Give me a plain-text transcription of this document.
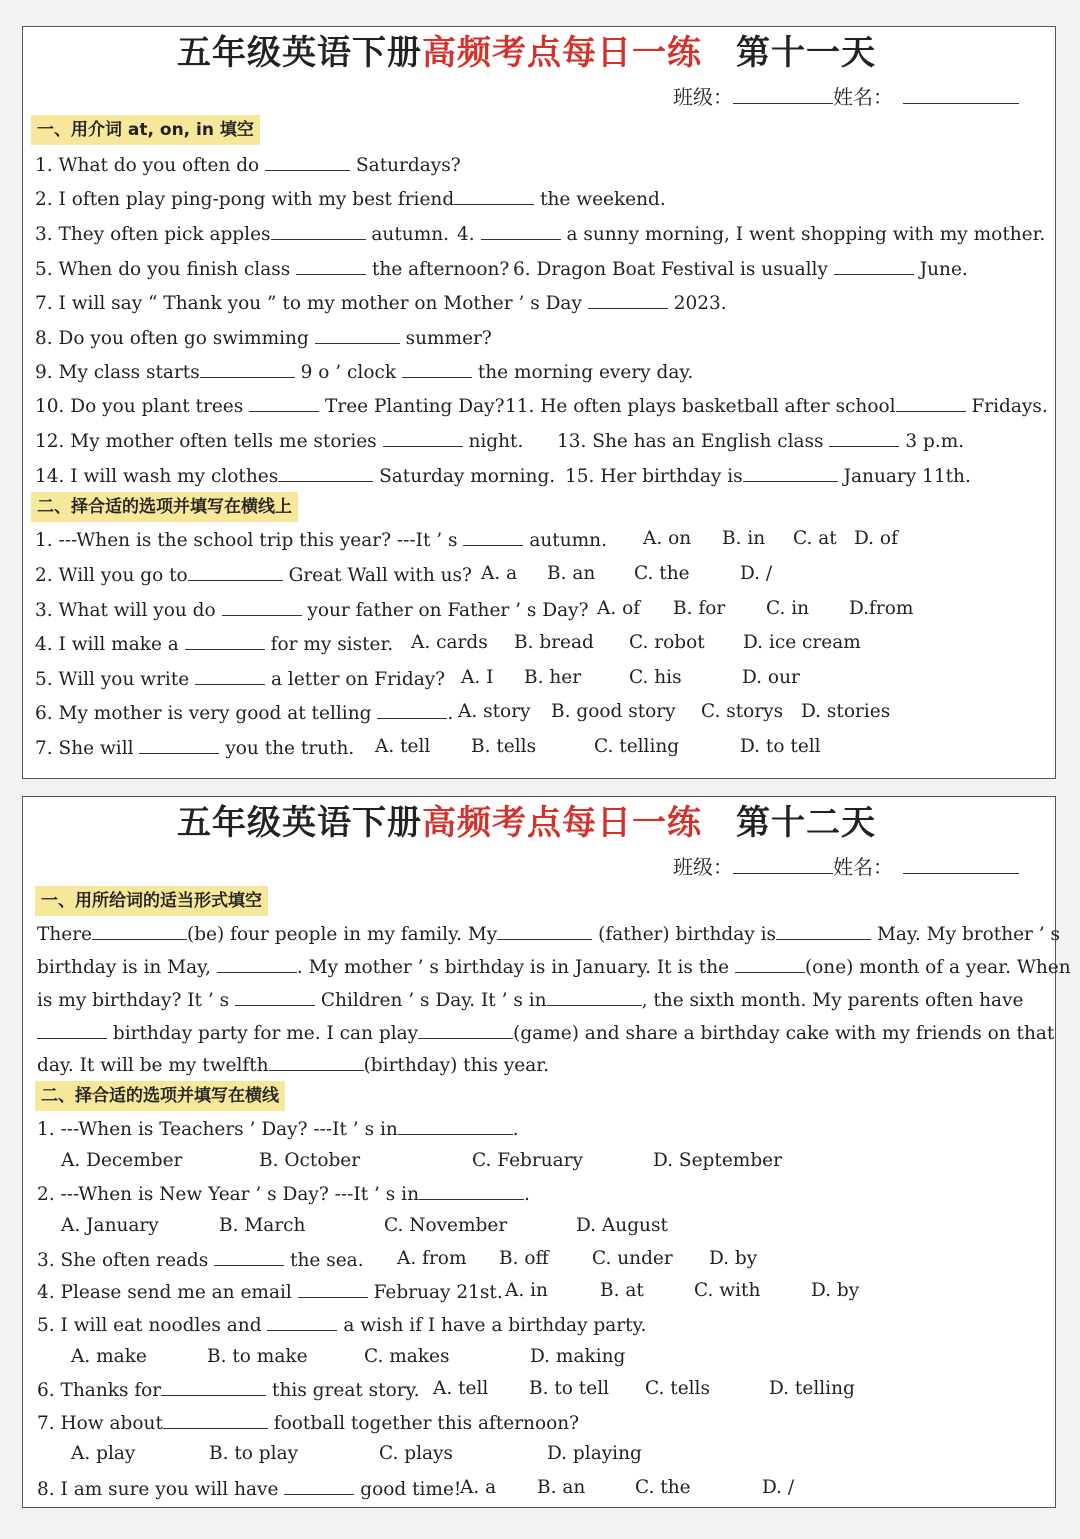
五年级英语下册高频考点每日一练 第十一天
班级：	姓名：
一、用介词 at, on, in 填空
1. What do you often do	Saturdays?
2. I often play ping-pong with my best friend	the weekend.
3. They often pick apples	autumn. 4.	a sunny morning, I went shopping with my mother.
5. When do you finish class	the afternoon? 6. Dragon Boat Festival is usually	June.
7. I will say “ Thank you ” to my mother on Mother ’ s Day	2023.
8. Do you often go swimming	summer?
9. My class starts	9 o ’ clock	the morning every day.
10. Do you plant trees	Tree Planting Day? 11. He often plays basketball after school	Fridays.
12. My mother often tells me stories	night. 13. She has an English class	3 p.m.
14. I will wash my clothes	Saturday morning. 15. Her birthday is	January 11th.
二、择合适的选项并填写在横线上
1. ---When is the school trip this year? ---It ’ s	autumn. A. on B. in C. at D. of
2. Will you go to	Great Wall with us? A. a B. an C. the	D. /
3. What will you do	your father on Father ’ s Day? A. of B. for C. in D.from
4. I will make a	for my sister. A. cards B. bread C. robot D. ice cream
5. Will you write	a letter on Friday? A. I B. her	C. his	D. our
6. My mother is very good at telling	. A. story B. good story C. storys D. stories
7. She will	you the truth. A. tell B. tells	C. telling	D. to tell
五年级英语下册高频考点每日一练 第十二天
班级：	姓名：
一、用所给词的适当形式填空
There	(be) four people in my family. My	(father) birthday is	May. My brother ’ s
birthday is in May,	. My mother ’ s birthday is in January. It is the	(one) month of a year. When
is my birthday? It ’ s	Children ’ s Day. It ’ s in	, the sixth month. My parents often have
birthday party for me. I can play	(game) and share a birthday cake with my friends on that
day. It will be my twelfth	(birthday) this year.
二、择合适的选项并填写在横线
1. ---When is Teachers ’ Day? ---It ’ s in	.
A. December	B. October	C. February	D. September
2. ---When is New Year ’ s Day? ---It ’ s in	.
A. January	B. March	C. November	D. August
3. She often reads	the sea. A. from B. off C. under D. by
4. Please send me an email	Februay 21st. A. in	B. at	C. with	D. by
5. I will eat noodles and	a wish if I have a birthday party.
A. make	B. to make	C. makes	D. making
6. Thanks for	this great story. A. tell B. to tell C. tells	D. telling
7. How about	football together this afternoon?
A. play	B. to play	C. plays	D. playing
8. I am sure you will have	good time!
A. a B. an	C. the	D. /
